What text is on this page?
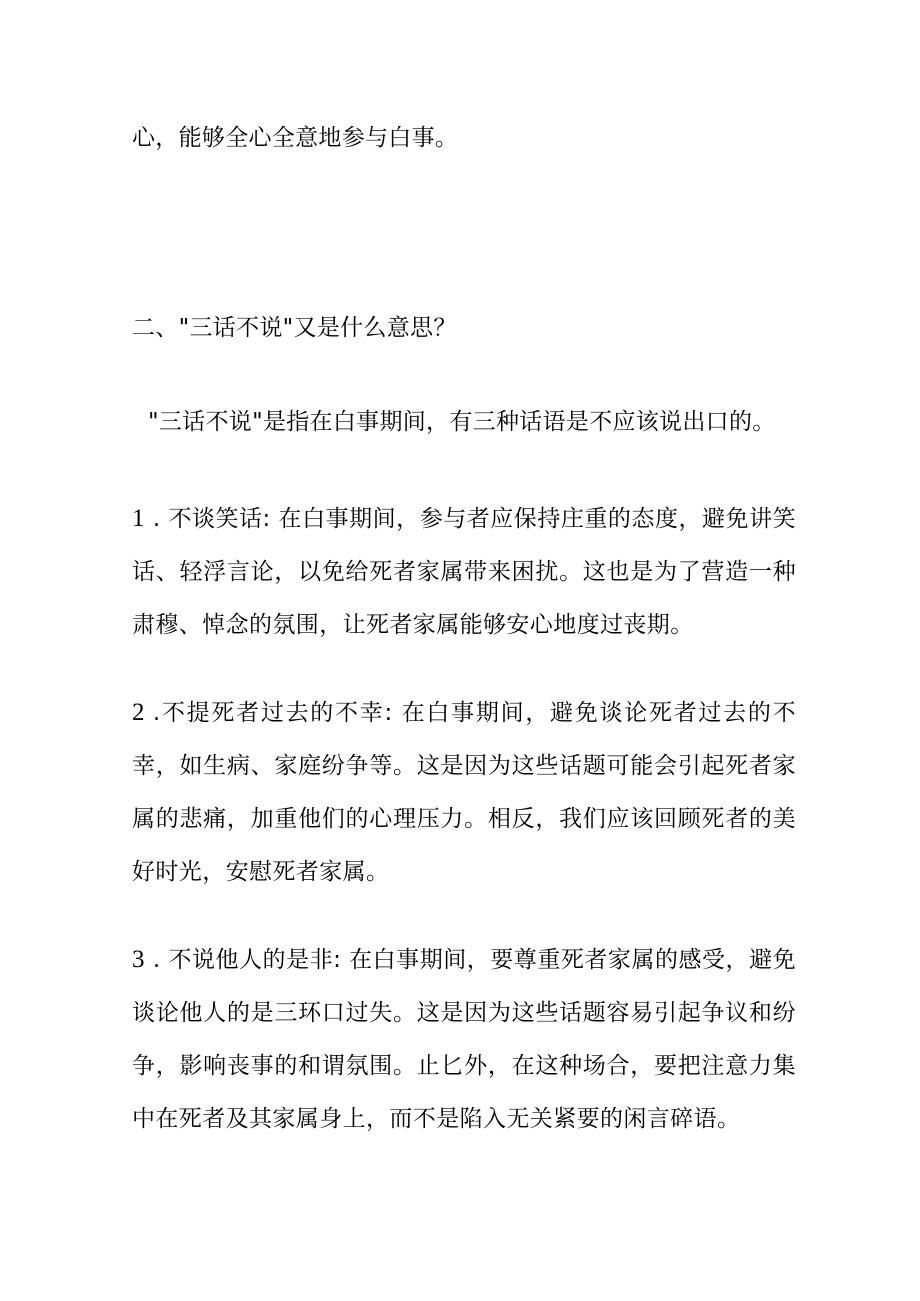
心，能够全心全意地参与白事。
二、"三话不说"又是什么意思？
"三话不说"是指在白事期间，有三种话语是不应该说出口的。

1 . 不谈笑话: 在白事期间，参与者应保持庄重的态度，避免讲笑话、轻浮言论，以免给死者家属带来困扰。这也是为了营造一种肃穆、悼念的氛围，让死者家属能够安心地度过丧期。

2 .不提死者过去的不幸: 在白事期间，避免谈论死者过去的不幸，如生病、家庭纷争等。这是因为这些话题可能会引起死者家属的悲痛，加重他们的心理压力。相反，我们应该回顾死者的美好时光，安慰死者家属。

3 . 不说他人的是非: 在白事期间，要尊重死者家属的感受，避免谈论他人的是三环口过失。这是因为这些话题容易引起争议和纷争，影响丧事的和谓氛围。止匕外，在这种场合，要把注意力集中在死者及其家属身上，而不是陷入无关紧要的闲言碎语。
